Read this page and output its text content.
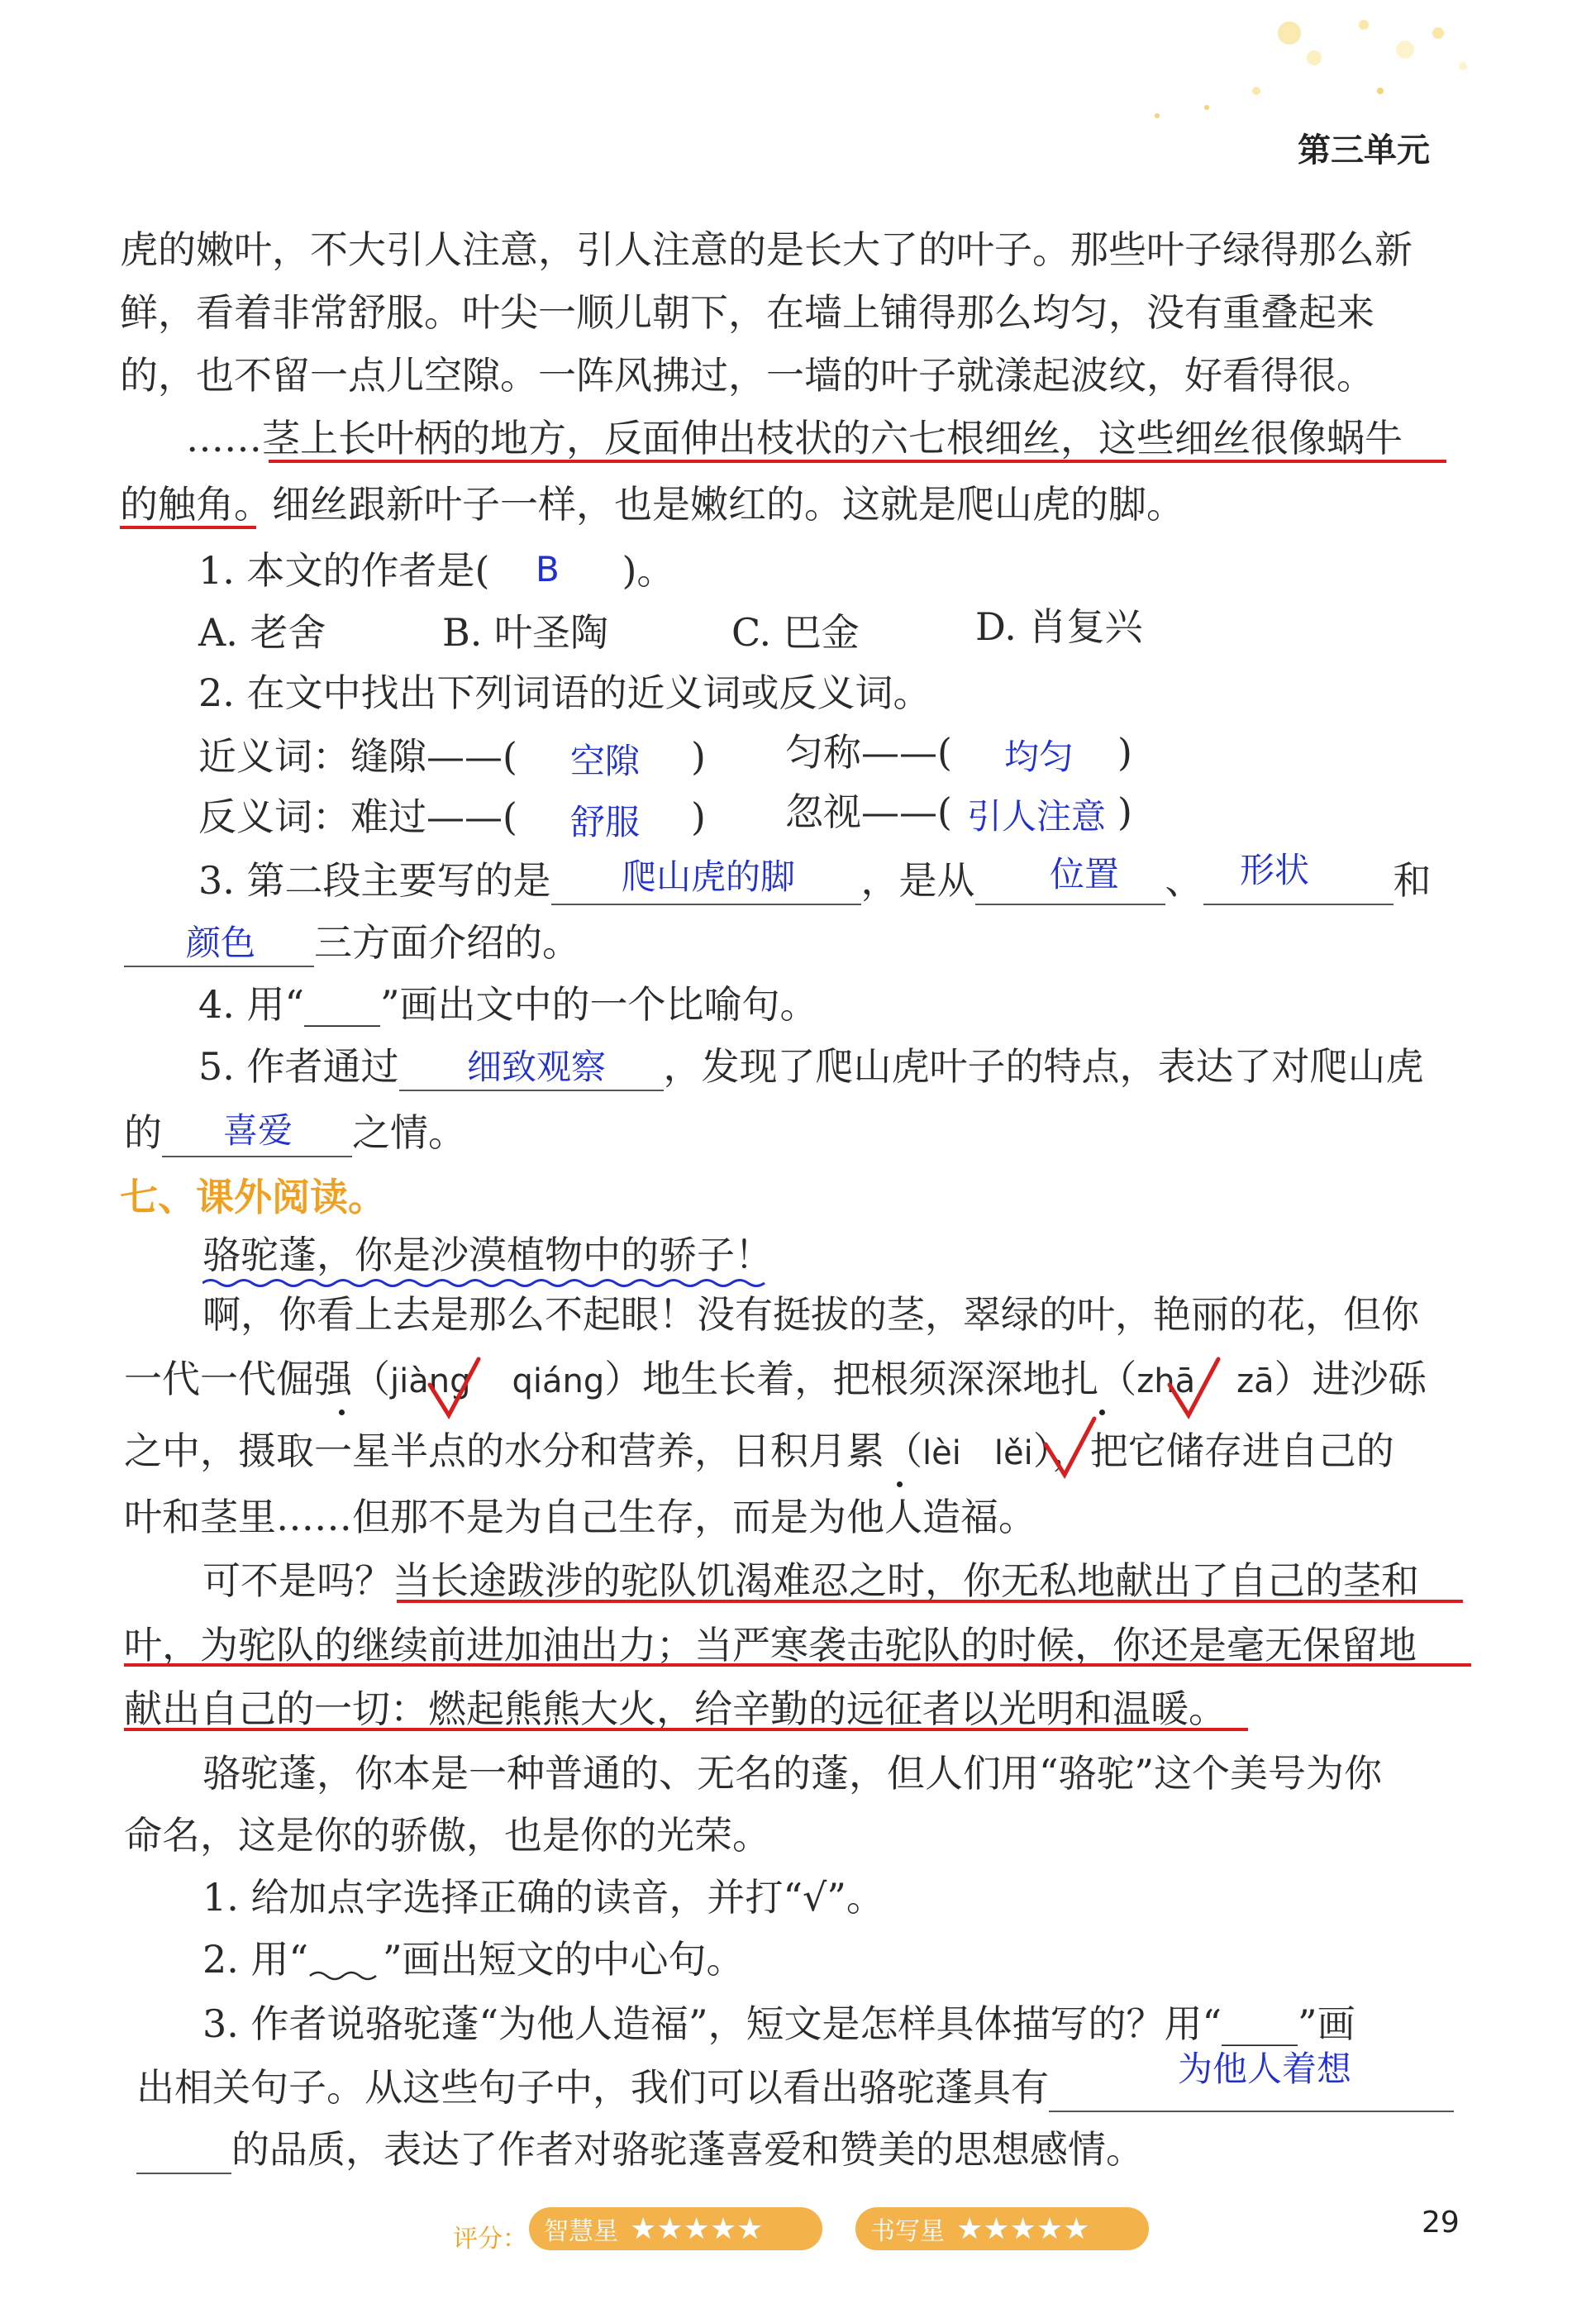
第三单元
虎的嫩叶，不大引人注意，引人注意的是长大了的叶子。那些叶子绿得那么新
鲜，看着非常舒服。叶尖一顺儿朝下，在墙上铺得那么均匀，没有重叠起来
的，也不留一点儿空隙。一阵风拂过，一墙的叶子就漾起波纹，好看得很。
……茎上长叶柄的地方，反面伸出枝状的六七根细丝，这些细丝很像蜗牛
的触角。细丝跟新叶子一样，也是嫩红的。这就是爬山虎的脚。
1. 本文的作者是(	)。
B
A. 老舍	B. 叶圣陶	C. 巴金	D. 肖复兴
2. 在文中找出下列词语的近义词或反义词。
近义词：缝隙——(	)
空隙	匀称——(	)
均匀
反义词：难过——(	)
舒服	忽视——(	)
引人注意
3. 第二段主要写的是	，是从	、	和
爬山虎的脚	位置	形状
三方面介绍的。
颜色
4. 用“____”画出文中的一个比喻句。
5. 作者通过	，发现了爬山虎叶子的特点，表达了对爬山虎
细致观察
的	之情。
喜爱
七、课外阅读。
骆驼蓬，你是沙漠植物中的骄子！
啊，你看上去是那么不起眼！没有挺拔的茎，翠绿的叶，艳丽的花，但你
一代一代倔强（jiàng qiáng）地生长着，把根须深深地扎（zhā zā）进沙砾
之中，摄取一星半点的水分和营养，日积月累（lèi lěi），把它储存进自己的
叶和茎里……但那不是为自己生存，而是为他人造福。
可不是吗？当长途跋涉的驼队饥渴难忍之时，你无私地献出了自己的茎和
叶，为驼队的继续前进加油出力；当严寒袭击驼队的时候，你还是毫无保留地
献出自己的一切：燃起熊熊大火，给辛勤的远征者以光明和温暖。
骆驼蓬，你本是一种普通的、无名的蓬，但人们用“骆驼”这个美号为你
命名，这是你的骄傲，也是你的光荣。
1. 给加点字选择正确的读音，并打“√”。
2. 用“ ”画出短文的中心句。
3. 作者说骆驼蓬“为他人造福”，短文是怎样具体描写的？用“____”画
出相关句子。从这些句子中，我们可以看出骆驼蓬具有	为他人着想
的品质，表达了作者对骆驼蓬喜爱和赞美的思想感情。
评分： 智慧星 ★★★★★	书写星 ★★★★★	29
